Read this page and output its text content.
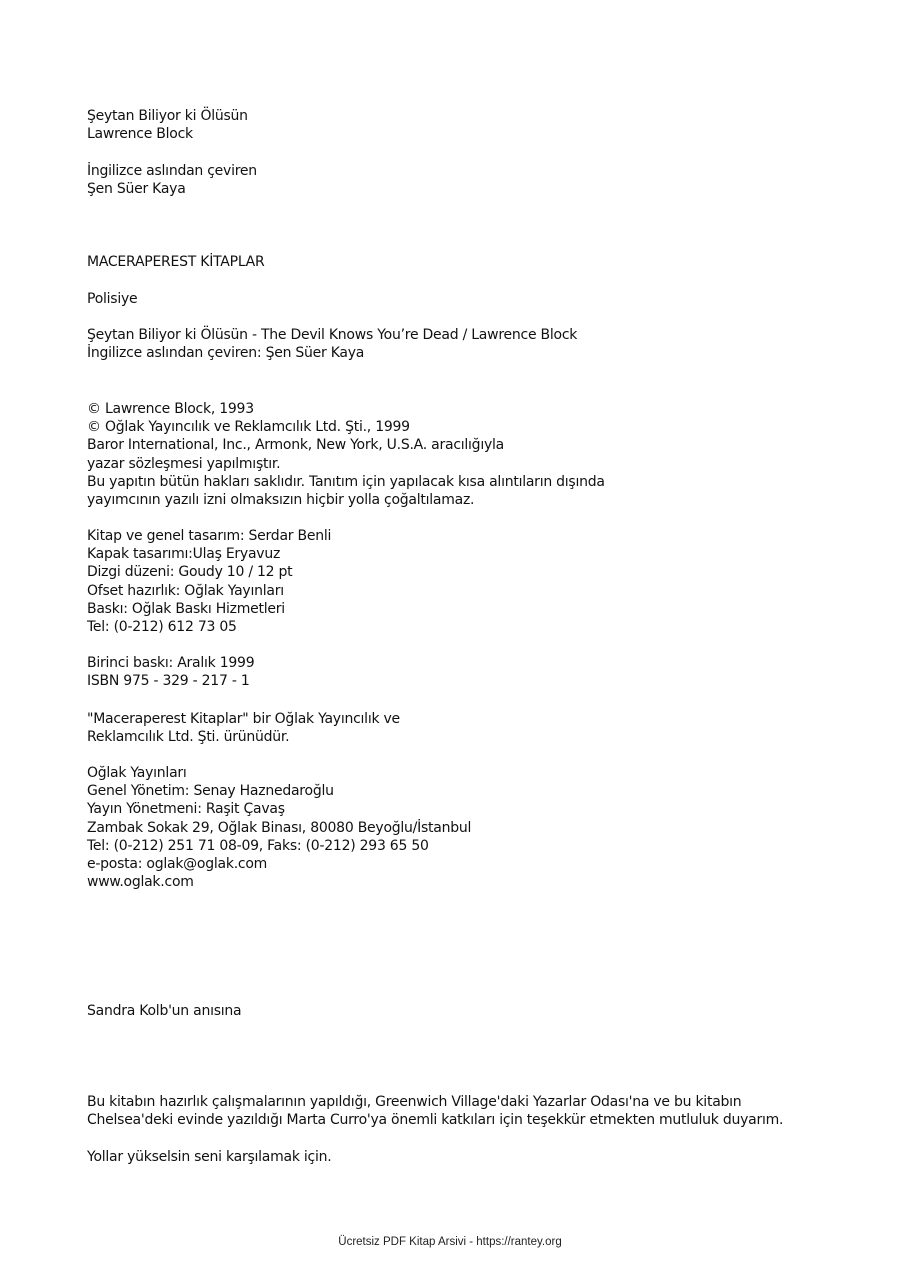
Şeytan Biliyor ki Ölüsün
Lawrence Block
İngilizce aslından çeviren
Şen Süer Kaya
MACERAPEREST KİTAPLAR
Polisiye
Şeytan Biliyor ki Ölüsün - The Devil Knows You’re Dead / Lawrence Block
İngilizce aslından çeviren: Şen Süer Kaya
© Lawrence Block, 1993
© Oğlak Yayıncılık ve Reklamcılık Ltd. Şti., 1999
Baror International, Inc., Armonk, New York, U.S.A. aracılığıyla
yazar sözleşmesi yapılmıştır.
Bu yapıtın bütün hakları saklıdır. Tanıtım için yapılacak kısa alıntıların dışında
yayımcının yazılı izni olmaksızın hiçbir yolla çoğaltılamaz.
Kitap ve genel tasarım: Serdar Benli
Kapak tasarımı:Ulaş Eryavuz
Dizgi düzeni: Goudy 10 / 12 pt
Ofset hazırlık: Oğlak Yayınları
Baskı: Oğlak Baskı Hizmetleri
Tel: (0-212) 612 73 05
Birinci baskı: Aralık 1999
ISBN 975 - 329 - 217 - 1
"Maceraperest Kitaplar" bir Oğlak Yayıncılık ve
Reklamcılık Ltd. Şti. ürünüdür.
Oğlak Yayınları
Genel Yönetim: Senay Haznedaroğlu
Yayın Yönetmeni: Raşit Çavaş
Zambak Sokak 29, Oğlak Binası, 80080 Beyoğlu/İstanbul
Tel: (0-212) 251 71 08-09, Faks: (0-212) 293 65 50
e-posta: oglak@oglak.com
www.oglak.com
Sandra Kolb'un anısına
Bu kitabın hazırlık çalışmalarının yapıldığı, Greenwich Village'daki Yazarlar Odası'na ve bu kitabın
Chelsea'deki evinde yazıldığı Marta Curro'ya önemli katkıları için teşekkür etmekten mutluluk duyarım.
Yollar yükselsin seni karşılamak için.
Ücretsiz PDF Kitap Arsivi - https://rantey.org
